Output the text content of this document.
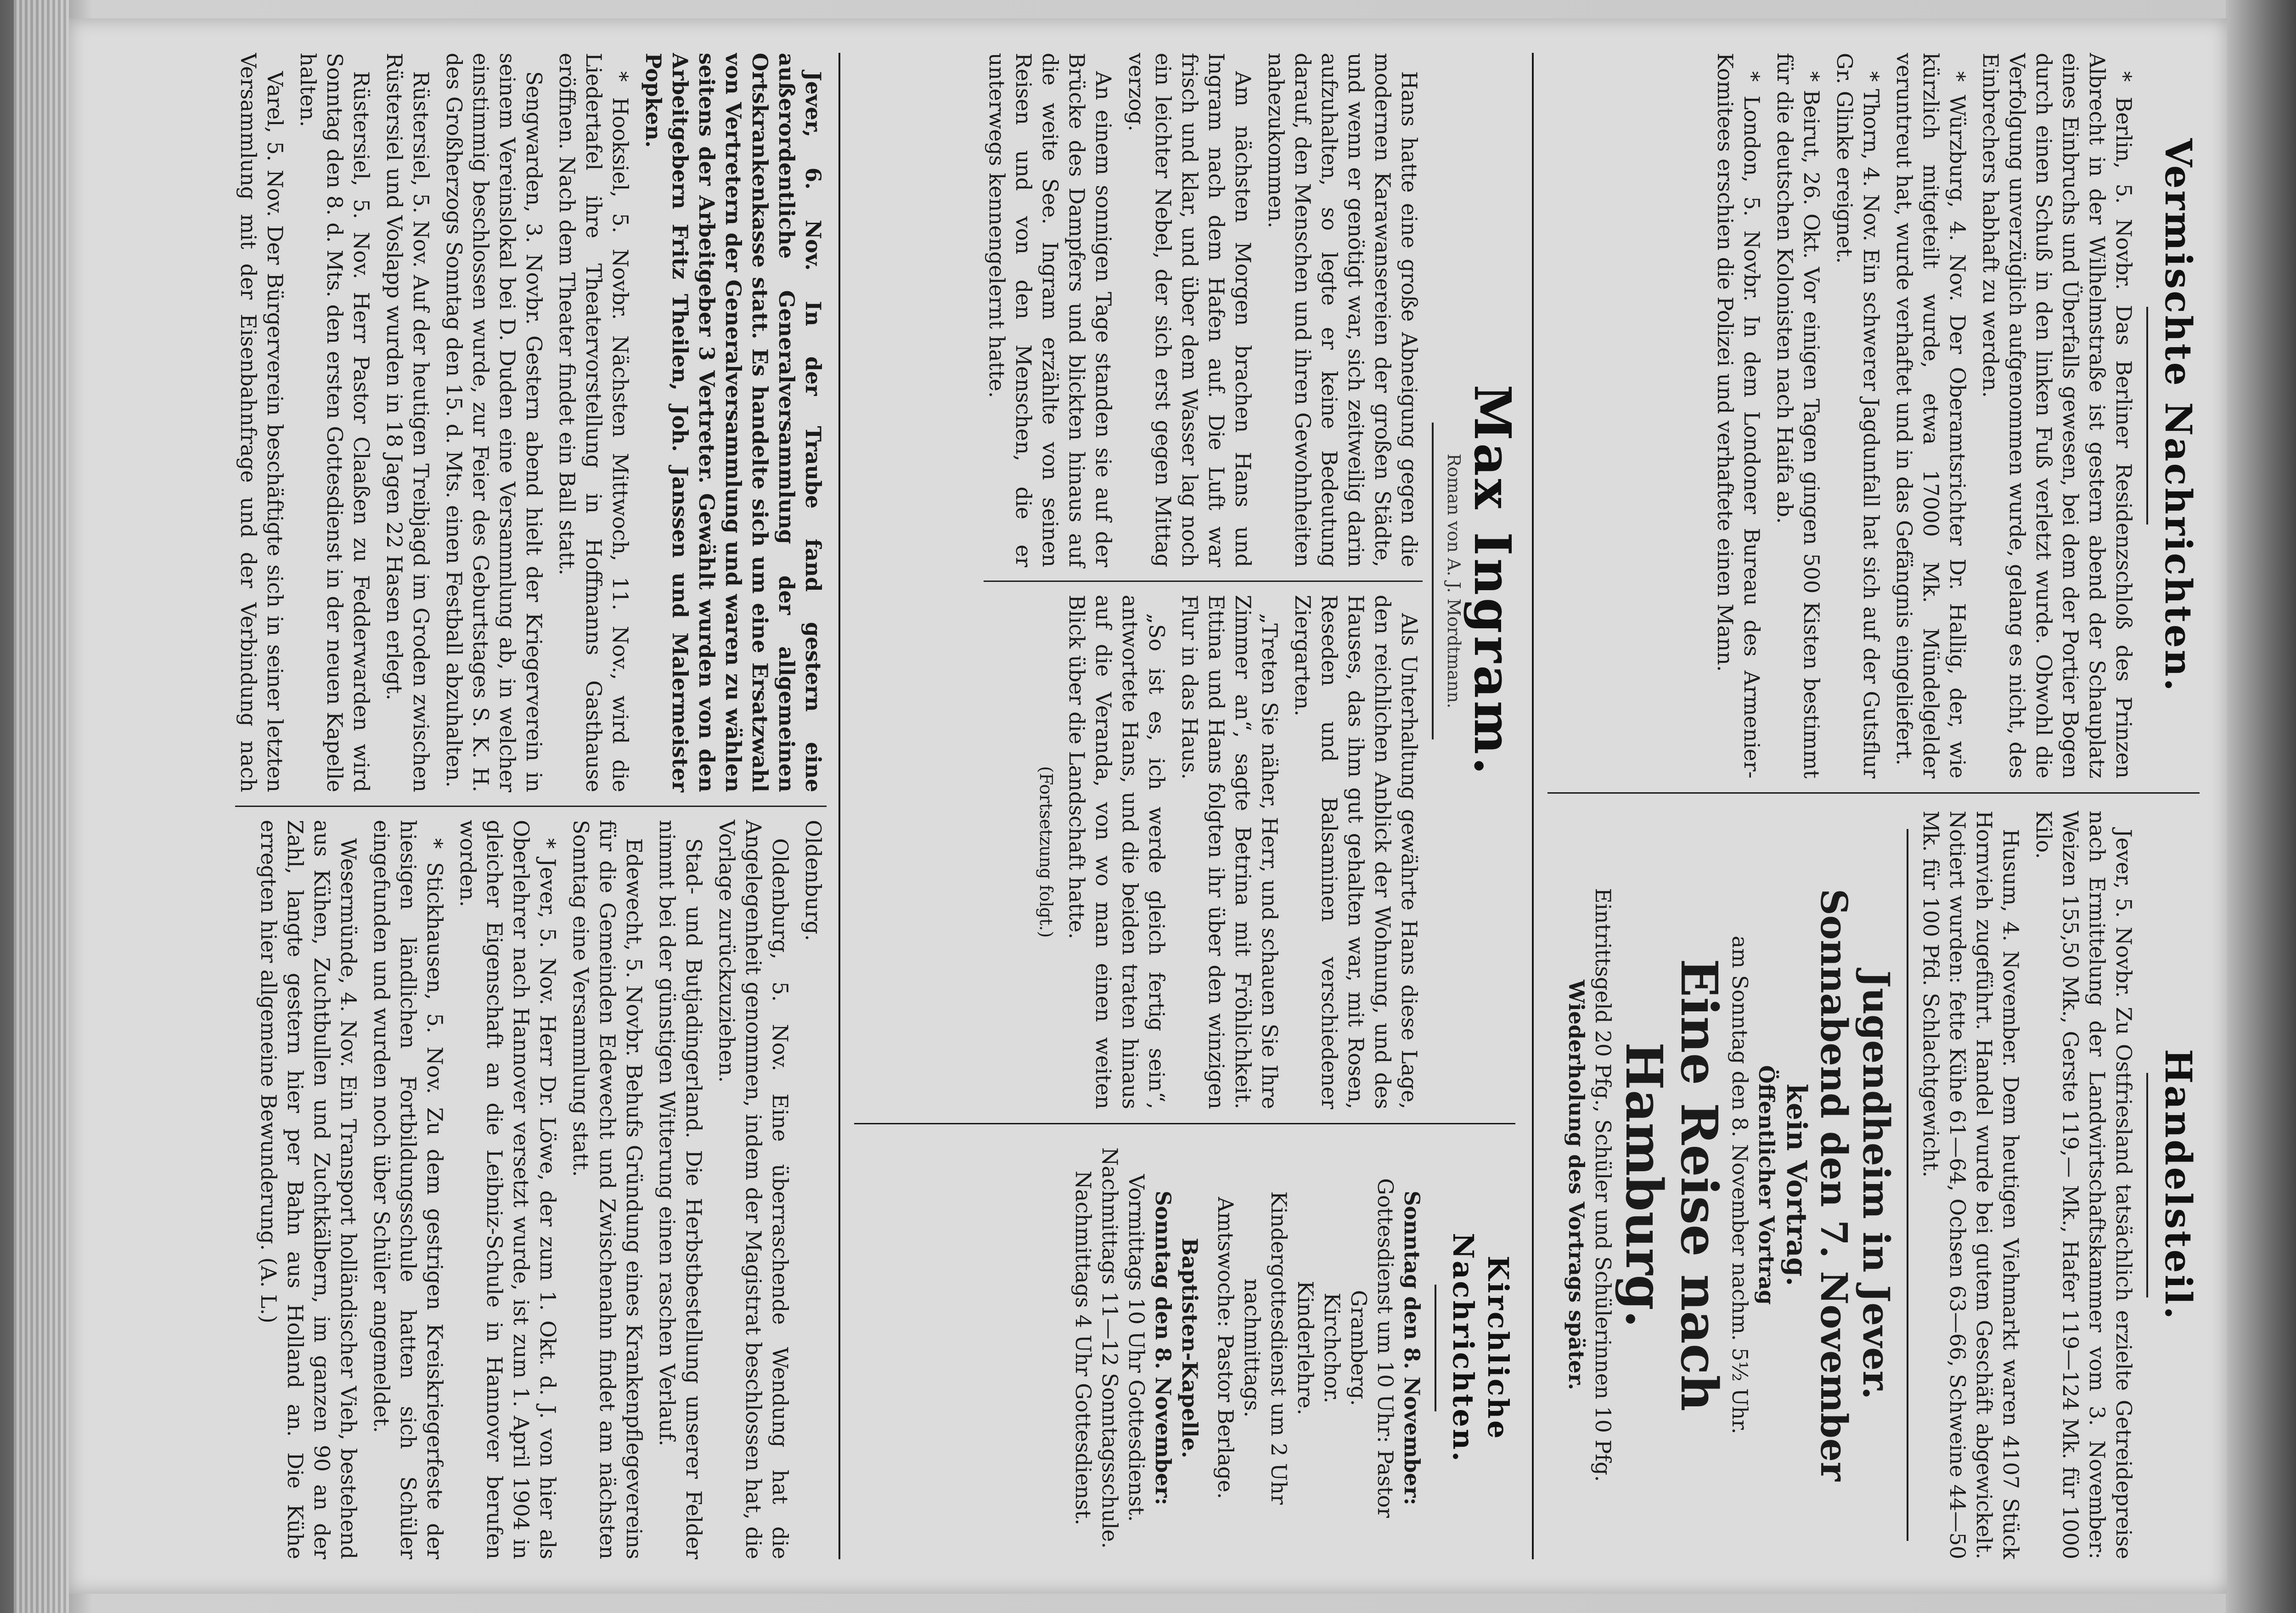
Vermischte Nachrichten.

* Berlin, 5. Novbr. Das Berliner Residenzschloß des Prinzen Albrecht in der Wilhelmstraße ist gestern abend der Schauplatz eines Einbruchs und Überfalls gewesen, bei dem der Portier Bogen durch einen Schuß in den linken Fuß verletzt wurde. Obwohl die Verfolgung unverzüglich aufgenommen wurde, gelang es nicht, des Einbrechers habhaft zu werden.

* Würzburg, 4. Nov. Der Oberamtsrichter Dr. Hallig, der, wie kürzlich mitgeteilt wurde, etwa 17000 Mk. Mündelgelder veruntreut hat, wurde verhaftet und in das Gefängnis eingeliefert.

* Thorn, 4. Nov. Ein schwerer Jagdunfall hat sich auf der Gutsflur Gr. Glinke ereignet.

* Beirut, 26. Okt. Vor einigen Tagen gingen 500 Kisten bestimmt für die deutschen Kolonisten nach Haifa ab.

* London, 5. Novbr. In dem Londoner Bureau des Armenier-Komitees erschien die Polizei und verhaftete einen Mann.

Handelsteil.

Jever, 5. Novbr. Zu Ostfriesland tatsächlich erzielte Getreidepreise nach Ermittelung der Landwirtschaftskammer vom 3. November: Weizen 155,50 Mk., Gerste 119,— Mk., Hafer 119—124 Mk. für 1000 Kilo.

Husum, 4. November. Dem heutigen Viehmarkt waren 4107 Stück Hornvieh zugeführt. Handel wurde bei gutem Geschäft abgewickelt. Notiert wurden: fette Kühe 61—64, Ochsen 63—66, Schweine 44—50 Mk. für 100 Pfd. Schlachtgewicht.

Jugendheim in Jever.
Sonnabend den 7. November
kein Vortrag.
Öffentlicher Vortrag
am Sonntag den 8. November nachm. 5½ Uhr.
Eine Reise nach Hamburg.
Eintrittsgeld 20 Pfg., Schüler und Schülerinnen 10 Pfg.
Wiederholung des Vortrags später.
Max Ingram.
Roman von A. J. Mordtmann.

Hans hatte eine große Abneigung gegen die modernen Karawansereien der großen Städte, und wenn er genötigt war, sich zeitweilig darin aufzuhalten, so legte er keine Bedeutung darauf, den Menschen und ihren Gewohnheiten nahezukommen.

Am nächsten Morgen brachen Hans und Ingram nach dem Hafen auf. Die Luft war frisch und klar, und über dem Wasser lag noch ein leichter Nebel, der sich erst gegen Mittag verzog.

An einem sonnigen Tage standen sie auf der Brücke des Dampfers und blickten hinaus auf die weite See. Ingram erzählte von seinen Reisen und von den Menschen, die er unterwegs kennengelernt hatte.

Als Unterhaltung gewährte Hans diese Lage, den reichlichen Anblick der Wohnung, und des Hauses, das ihm gut gehalten war, mit Rosen, Reseden und Balsaminen verschiedener Ziergarten.

„Treten Sie näher, Herr, und schauen Sie Ihre Zimmer an“, sagte Betrina mit Fröhlichkeit. Ettina und Hans folgten ihr über den winzigen Flur in das Haus.

„So ist es, ich werde gleich fertig sein“, antwortete Hans, und die beiden traten hinaus auf die Veranda, von wo man einen weiten Blick über die Landschaft hatte.

(Fortsetzung folgt.)
Kirchliche Nachrichten.
Sonntag den 8. November:
Gottesdienst um 10 Uhr: Pastor Gramberg.
Kirchchor.
Kinderlehre.
Kindergottesdienst um 2 Uhr nachmittags.
Amtswoche: Pastor Berlage.
Baptisten-Kapelle.
Sonntag den 8. November:
Vormittags 10 Uhr Gottesdienst.
Nachmittags 11—12 Sonntagsschule.
Nachmittags 4 Uhr Gottesdienst.

Jever, 6. Nov. In der Traube fand gestern eine außerordentliche Generalversammlung der allgemeinen Ortskrankenkasse statt. Es handelte sich um eine Ersatzwahl von Vertretern der Generalversammlung und waren zu wählen seitens der Arbeitgeber 3 Vertreter. Gewählt wurden von den Arbeitgebern Fritz Theilen, Joh. Janssen und Malermeister Popken.

* Hooksiel, 5. Novbr. Nächsten Mittwoch, 11. Nov., wird die Liedertafel ihre Theatervorstellung in Hoffmanns Gasthause eröffnen. Nach dem Theater findet ein Ball statt.

Sengwarden, 3. Novbr. Gestern abend hielt der Kriegerverein in seinem Vereinslokal bei D. Duden eine Versammlung ab, in welcher einstimmig beschlossen wurde, zur Feier des Geburtstages S. K. H. des Großherzogs Sonntag den 15. d. Mts. einen Festball abzuhalten.

Rüstersiel, 5. Nov. Auf der heutigen Treibjagd im Groden zwischen Rüstersiel und Voslapp wurden in 18 Jagen 22 Hasen erlegt.

Rüstersiel, 5. Nov. Herr Pastor Claaßen zu Fedderwarden wird Sonntag den 8. d. Mts. den ersten Gottesdienst in der neuen Kapelle halten.

Varel, 5. Nov. Der Bürgerverein beschäftigte sich in seiner letzten Versammlung mit der Eisenbahnfrage und der Verbindung nach Oldenburg.

Oldenburg, 5. Nov. Eine überraschende Wendung hat die Angelegenheit genommen, indem der Magistrat beschlossen hat, die Vorlage zurückzuziehen.

Stad- und Butjadingerland. Die Herbstbestellung unserer Felder nimmt bei der günstigen Witterung einen raschen Verlauf.

Edewecht, 5. Novbr. Behufs Gründung eines Krankenpflegevereins für die Gemeinden Edewecht und Zwischenahn findet am nächsten Sonntag eine Versammlung statt.

* Jever, 5. Nov. Herr Dr. Löwe, der zum 1. Okt. d. J. von hier als Oberlehrer nach Hannover versetzt wurde, ist zum 1. April 1904 in gleicher Eigenschaft an die Leibniz-Schule in Hannover berufen worden.

* Stickhausen, 5. Nov. Zu dem gestrigen Kreiskriegerfeste der hiesigen ländlichen Fortbildungsschule hatten sich Schüler eingefunden und wurden noch über Schüler angemeldet.

Wesermünde, 4. Nov. Ein Transport holländischer Vieh, bestehend aus Kühen, Zuchtbullen und Zuchtkälbern, im ganzen 90 an der Zahl, langte gestern hier per Bahn aus Holland an. Die Kühe erregten hier allgemeine Bewunderung. (A. L.)
